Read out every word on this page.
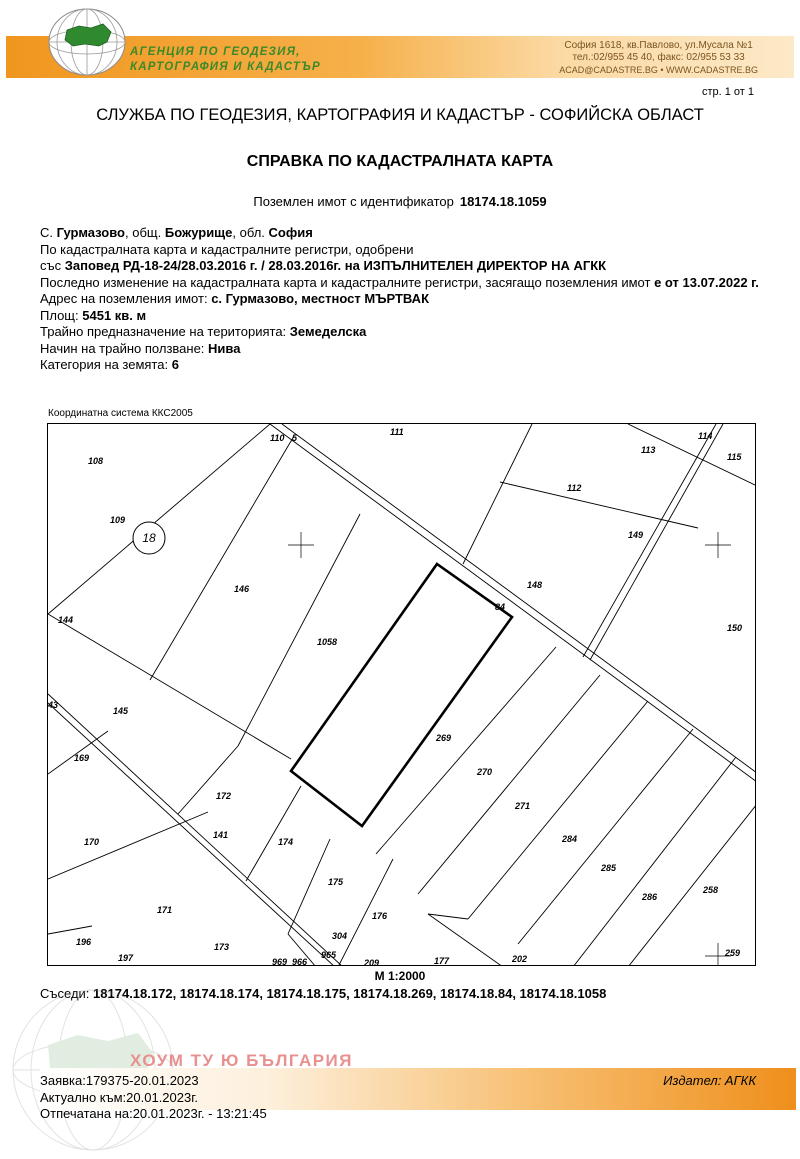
АГЕНЦИЯ ПО ГЕОДЕЗИЯ,
КАРТОГРАФИЯ И КАДАСТЪР
София 1618, кв.Павлово, ул.Мусала №1
тел.:02/955 45 40, факс: 02/955 53 33
ACAD@CADASTRE.BG • WWW.CADASTRE.BG
стр. 1 от 1
СЛУЖБА ПО ГЕОДЕЗИЯ, КАРТОГРАФИЯ И КАДАСТЪР - СОФИЙСКА ОБЛАСТ
СПРАВКА ПО КАДАСТРАЛНАТА КАРТА
Поземлен имот с идентификатор 18174.18.1059

С. Гурмазово, общ. Божурище, обл. София

По кадастралната карта и кадастралните регистри, одобрени

със Заповед РД-18-24/28.03.2016 г. / 28.03.2016г. на ИЗПЪЛНИТЕЛЕН ДИРЕКТОР НА АГКК

Последно изменение на кадастралната карта и кадастралните регистри, засягащо поземления имот е от 13.07.2022 г.

Адрес на поземления имот: с. Гурмазово, местност МЪРТВАК

Площ: 5451 кв. м

Трайно предназначение на територията: Земеделска

Начин на трайно ползване: Нива

Категория на земята: 6

Координатна система ККС2005
18
108
109
110 5
111
113
114
115
112
149
148
84
150
146
1058
144
43
145
169
172
141
174
170
175
176
171
173
196
197	969 966
965
304
209	177	202
269
270
271
284
285
286
258
259
М 1:2000
Съседи: 18174.18.172, 18174.18.174, 18174.18.175, 18174.18.269, 18174.18.84, 18174.18.1058
ХОУМ ТУ Ю БЪЛГАРИЯ
Заявка:179375-20.01.2023
Актуално към:20.01.2023г.
Отпечатана на:20.01.2023г. - 13:21:45
Издател: АГКК
